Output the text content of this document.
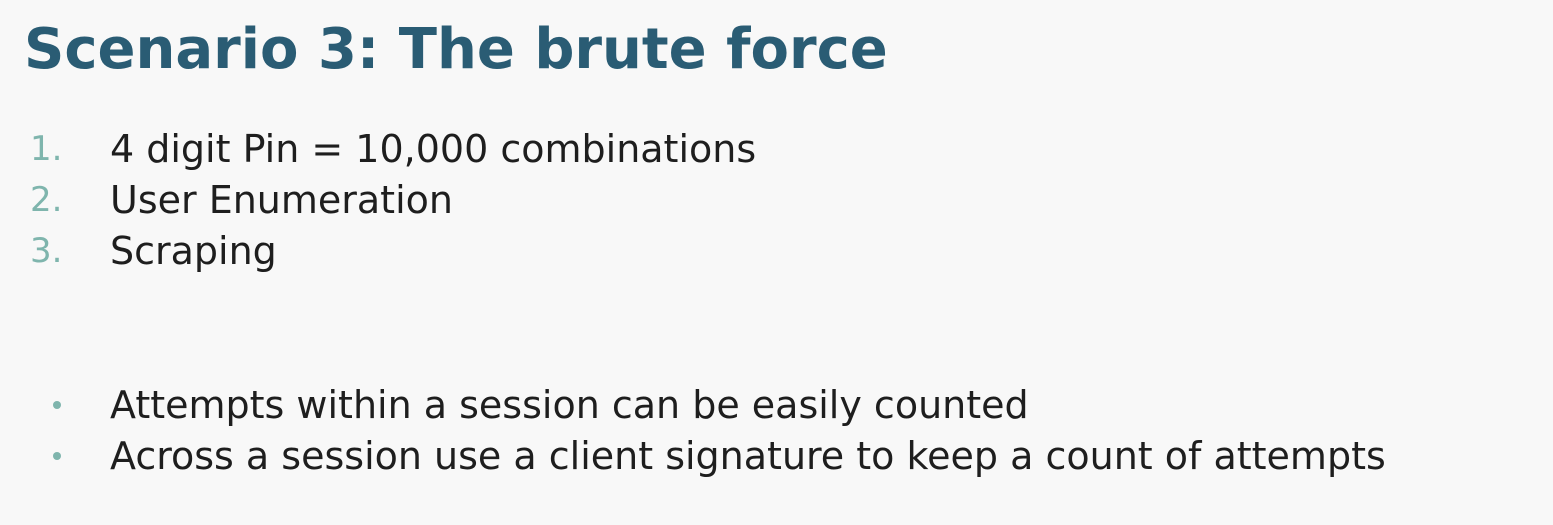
Scenario 3: The brute force
1. 4 digit Pin = 10,000 combinations
2. User Enumeration
3. Scraping
Attempts within a session can be easily counted
Across a session use a client signature to keep a count of attempts
